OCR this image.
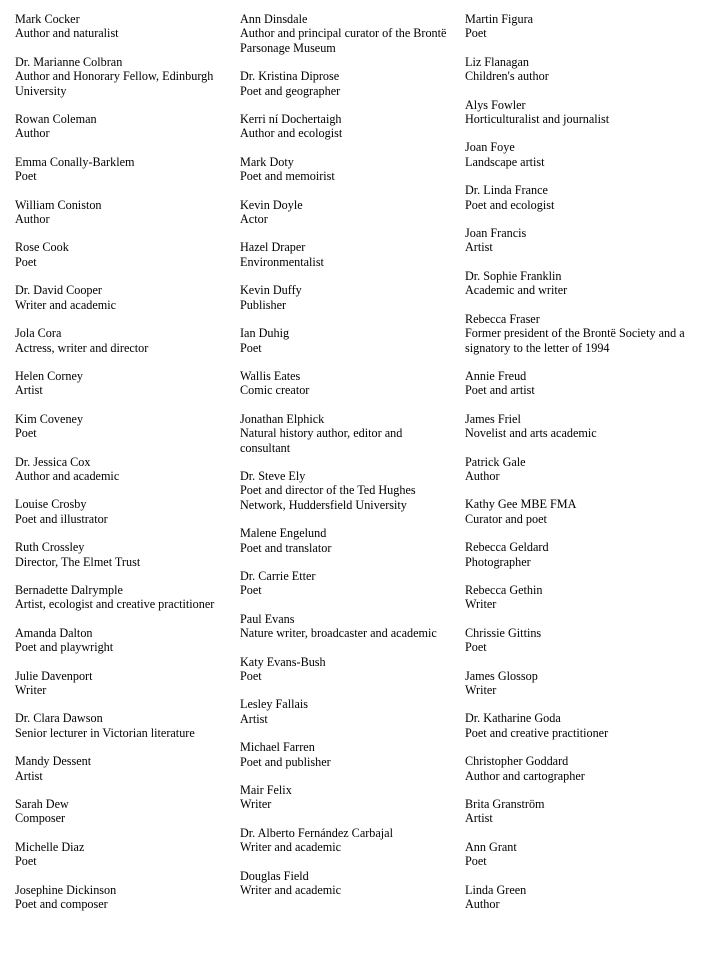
Mark Cocker
Author and naturalist
Dr. Marianne Colbran
Author and Honorary Fellow, Edinburgh University
Rowan Coleman
Author
Emma Conally-Barklem
Poet
William Coniston
Author
Rose Cook
Poet
Dr. David Cooper
Writer and academic
Jola Cora
Actress, writer and director
Helen Corney
Artist
Kim Coveney
Poet
Dr. Jessica Cox
Author and academic
Louise Crosby
Poet and illustrator
Ruth Crossley
Director, The Elmet Trust
Bernadette Dalrymple
Artist, ecologist and creative practitioner
Amanda Dalton
Poet and playwright
Julie Davenport
Writer
Dr. Clara Dawson
Senior lecturer in Victorian literature
Mandy Dessent
Artist
Sarah Dew
Composer
Michelle Diaz
Poet
Josephine Dickinson
Poet and composer
Ann Dinsdale
Author and principal curator of the Brontë Parsonage Museum
Dr. Kristina Diprose
Poet and geographer
Kerri ní Dochertaigh
Author and ecologist
Mark Doty
Poet and memoirist
Kevin Doyle
Actor
Hazel Draper
Environmentalist
Kevin Duffy
Publisher
Ian Duhig
Poet
Wallis Eates
Comic creator
Jonathan Elphick
Natural history author, editor and consultant
Dr. Steve Ely
Poet and director of the Ted Hughes Network, Huddersfield University
Malene Engelund
Poet and translator
Dr. Carrie Etter
Poet
Paul Evans
Nature writer, broadcaster and academic
Katy Evans-Bush
Poet
Lesley Fallais
Artist
Michael Farren
Poet and publisher
Mair Felix
Writer
Dr. Alberto Fernández Carbajal
Writer and academic
Douglas Field
Writer and academic
Martin Figura
Poet
Liz Flanagan
Children's author
Alys Fowler
Horticulturalist and journalist
Joan Foye
Landscape artist
Dr. Linda France
Poet and ecologist
Joan Francis
Artist
Dr. Sophie Franklin
Academic and writer
Rebecca Fraser
Former president of the Brontë Society and a signatory to the letter of 1994
Annie Freud
Poet and artist
James Friel
Novelist and arts academic
Patrick Gale
Author
Kathy Gee MBE FMA
Curator and poet
Rebecca Geldard
Photographer
Rebecca Gethin
Writer
Chrissie Gittins
Poet
James Glossop
Writer
Dr. Katharine Goda
Poet and creative practitioner
Christopher Goddard
Author and cartographer
Brita Granström
Artist
Ann Grant
Poet
Linda Green
Author
